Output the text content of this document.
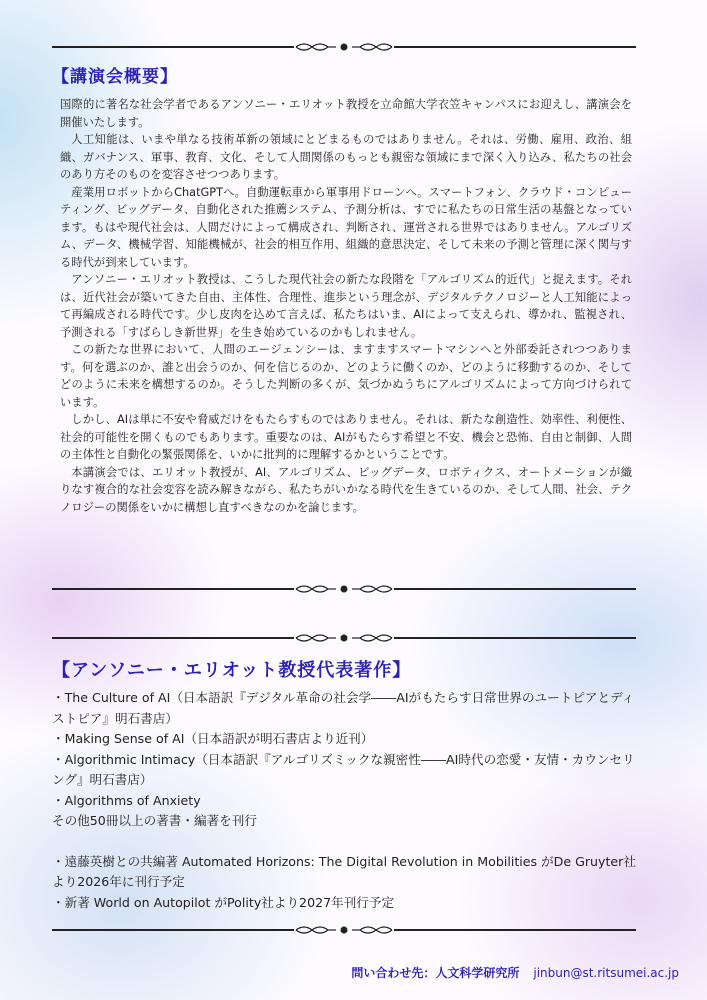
【講演会概要】

国際的に著名な社会学者であるアンソニー・エリオット教授を立命館大学衣笠キャンパスにお迎えし、講演会を開催いたします。

人工知能は、いまや単なる技術革新の領域にとどまるものではありません。それは、労働、雇用、政治、組織、ガバナンス、軍事、教育、文化、そして人間関係のもっとも親密な領域にまで深く入り込み、私たちの社会のあり方そのものを変容させつつあります。

産業用ロボットからChatGPTへ。自動運転車から軍事用ドローンへ。スマートフォン、クラウド・コンピューティング、ビッグデータ、自動化された推薦システム、予測分析は、すでに私たちの日常生活の基盤となっています。もはや現代社会は、人間だけによって構成され、判断され、運営される世界ではありません。アルゴリズム、データ、機械学習、知能機械が、社会的相互作用、組織的意思決定、そして未来の予測と管理に深く関与する時代が到来しています。

アンソニー・エリオット教授は、こうした現代社会の新たな段階を「アルゴリズム的近代」と捉えます。それは、近代社会が築いてきた自由、主体性、合理性、進歩という理念が、デジタルテクノロジーと人工知能によって再編成される時代です。少し皮肉を込めて言えば、私たちはいま、AIによって支えられ、導かれ、監視され、予測される「すばらしき新世界」を生き始めているのかもしれません。

この新たな世界において、人間のエージェンシーは、ますますスマートマシンへと外部委託されつつあります。何を選ぶのか、誰と出会うのか、何を信じるのか、どのように働くのか、どのように移動するのか、そしてどのように未来を構想するのか。そうした判断の多くが、気づかぬうちにアルゴリズムによって方向づけられています。

しかし、AIは単に不安や脅威だけをもたらすものではありません。それは、新たな創造性、効率性、利便性、社会的可能性を開くものでもあります。重要なのは、AIがもたらす希望と不安、機会と恐怖、自由と制御、人間の主体性と自動化の緊張関係を、いかに批判的に理解するかということです。

本講演会では、エリオット教授が、AI、アルゴリズム、ビッグデータ、ロボティクス、オートメーションが織りなす複合的な社会変容を読み解きながら、私たちがいかなる時代を生きているのか、そして人間、社会、テクノロジーの関係をいかに構想し直すべきなのかを論じます。

【アンソニー・エリオット教授代表著作】

・The Culture of AI（日本語訳『デジタル革命の社会学――AIがもたらす日常世界のユートピアとディストピア』明石書店）

・Making Sense of AI（日本語訳が明石書店より近刊）

・Algorithmic Intimacy（日本語訳『アルゴリズミックな親密性――AI時代の恋愛・友情・カウンセリング』明石書店）

・Algorithms of Anxiety

その他50冊以上の著書・編著を刊行

・遠藤英樹との共編著 Automated Horizons: The Digital Revolution in Mobilities がDe Gruyter社より2026年に刊行予定

・新著 World on Autopilot がPolity社より2027年刊行予定

問い合わせ先：人文科学研究所 jinbun@st.ritsumei.ac.jp
